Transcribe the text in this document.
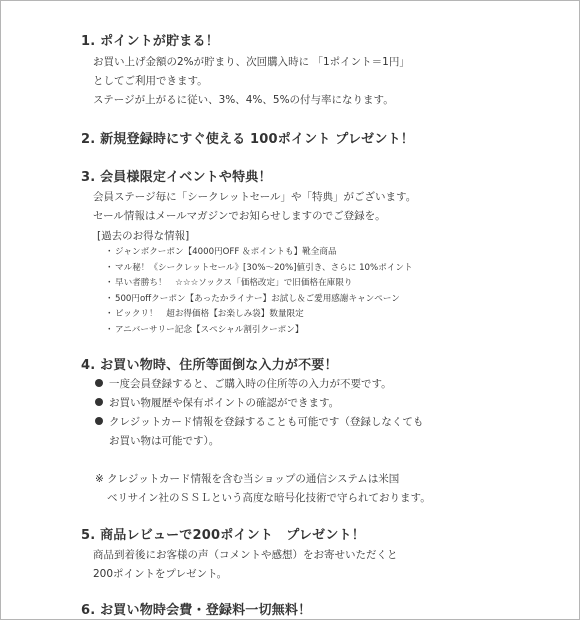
1. ポイントが貯まる！
お買い上げ金額の2%が貯まり、次回購入時に 「1ポイント＝1円」
としてご利用できます。
ステージが上がるに従い、3%、4%、5%の付与率になります。
2. 新規登録時にすぐ使える 100ポイント プレゼント！
3. 会員様限定イベントや特典！
会員ステージ毎に「シークレットセール」や「特典」がございます。
セール情報はメールマガジンでお知らせしますのでご登録を。
[過去のお得な情報]
・ジャンボクーポン【4000円OFF ＆ポイントも】靴全商品
・マル秘！《シークレットセール》[30%～20%]値引き、さらに 10%ポイント
・早い者勝ち！　☆☆☆ソックス「価格改定」で旧価格在庫限り
・500円offクーポン【あったかライナー】お試し＆ご愛用感謝キャンペーン
・ビックリ！　超お得価格【お楽しみ袋】数量限定
・アニバーサリー記念【スペシャル割引クーポン】
4. お買い物時、住所等面倒な入力が不要！
一度会員登録すると、ご購入時の住所等の入力が不要です。
お買い物履歴や保有ポイントの確認ができます。
クレジットカード情報を登録することも可能です（登録しなくても
お買い物は可能です）。
※ クレジットカード情報を含む当ショップの通信システムは米国
ベリサイン社のＳＳＬという高度な暗号化技術で守られております。
5. 商品レビューで200ポイント　プレゼント！
商品到着後にお客様の声（コメントや感想）をお寄せいただくと
200ポイントをプレゼント。
6. お買い物時会費・登録料一切無料！
